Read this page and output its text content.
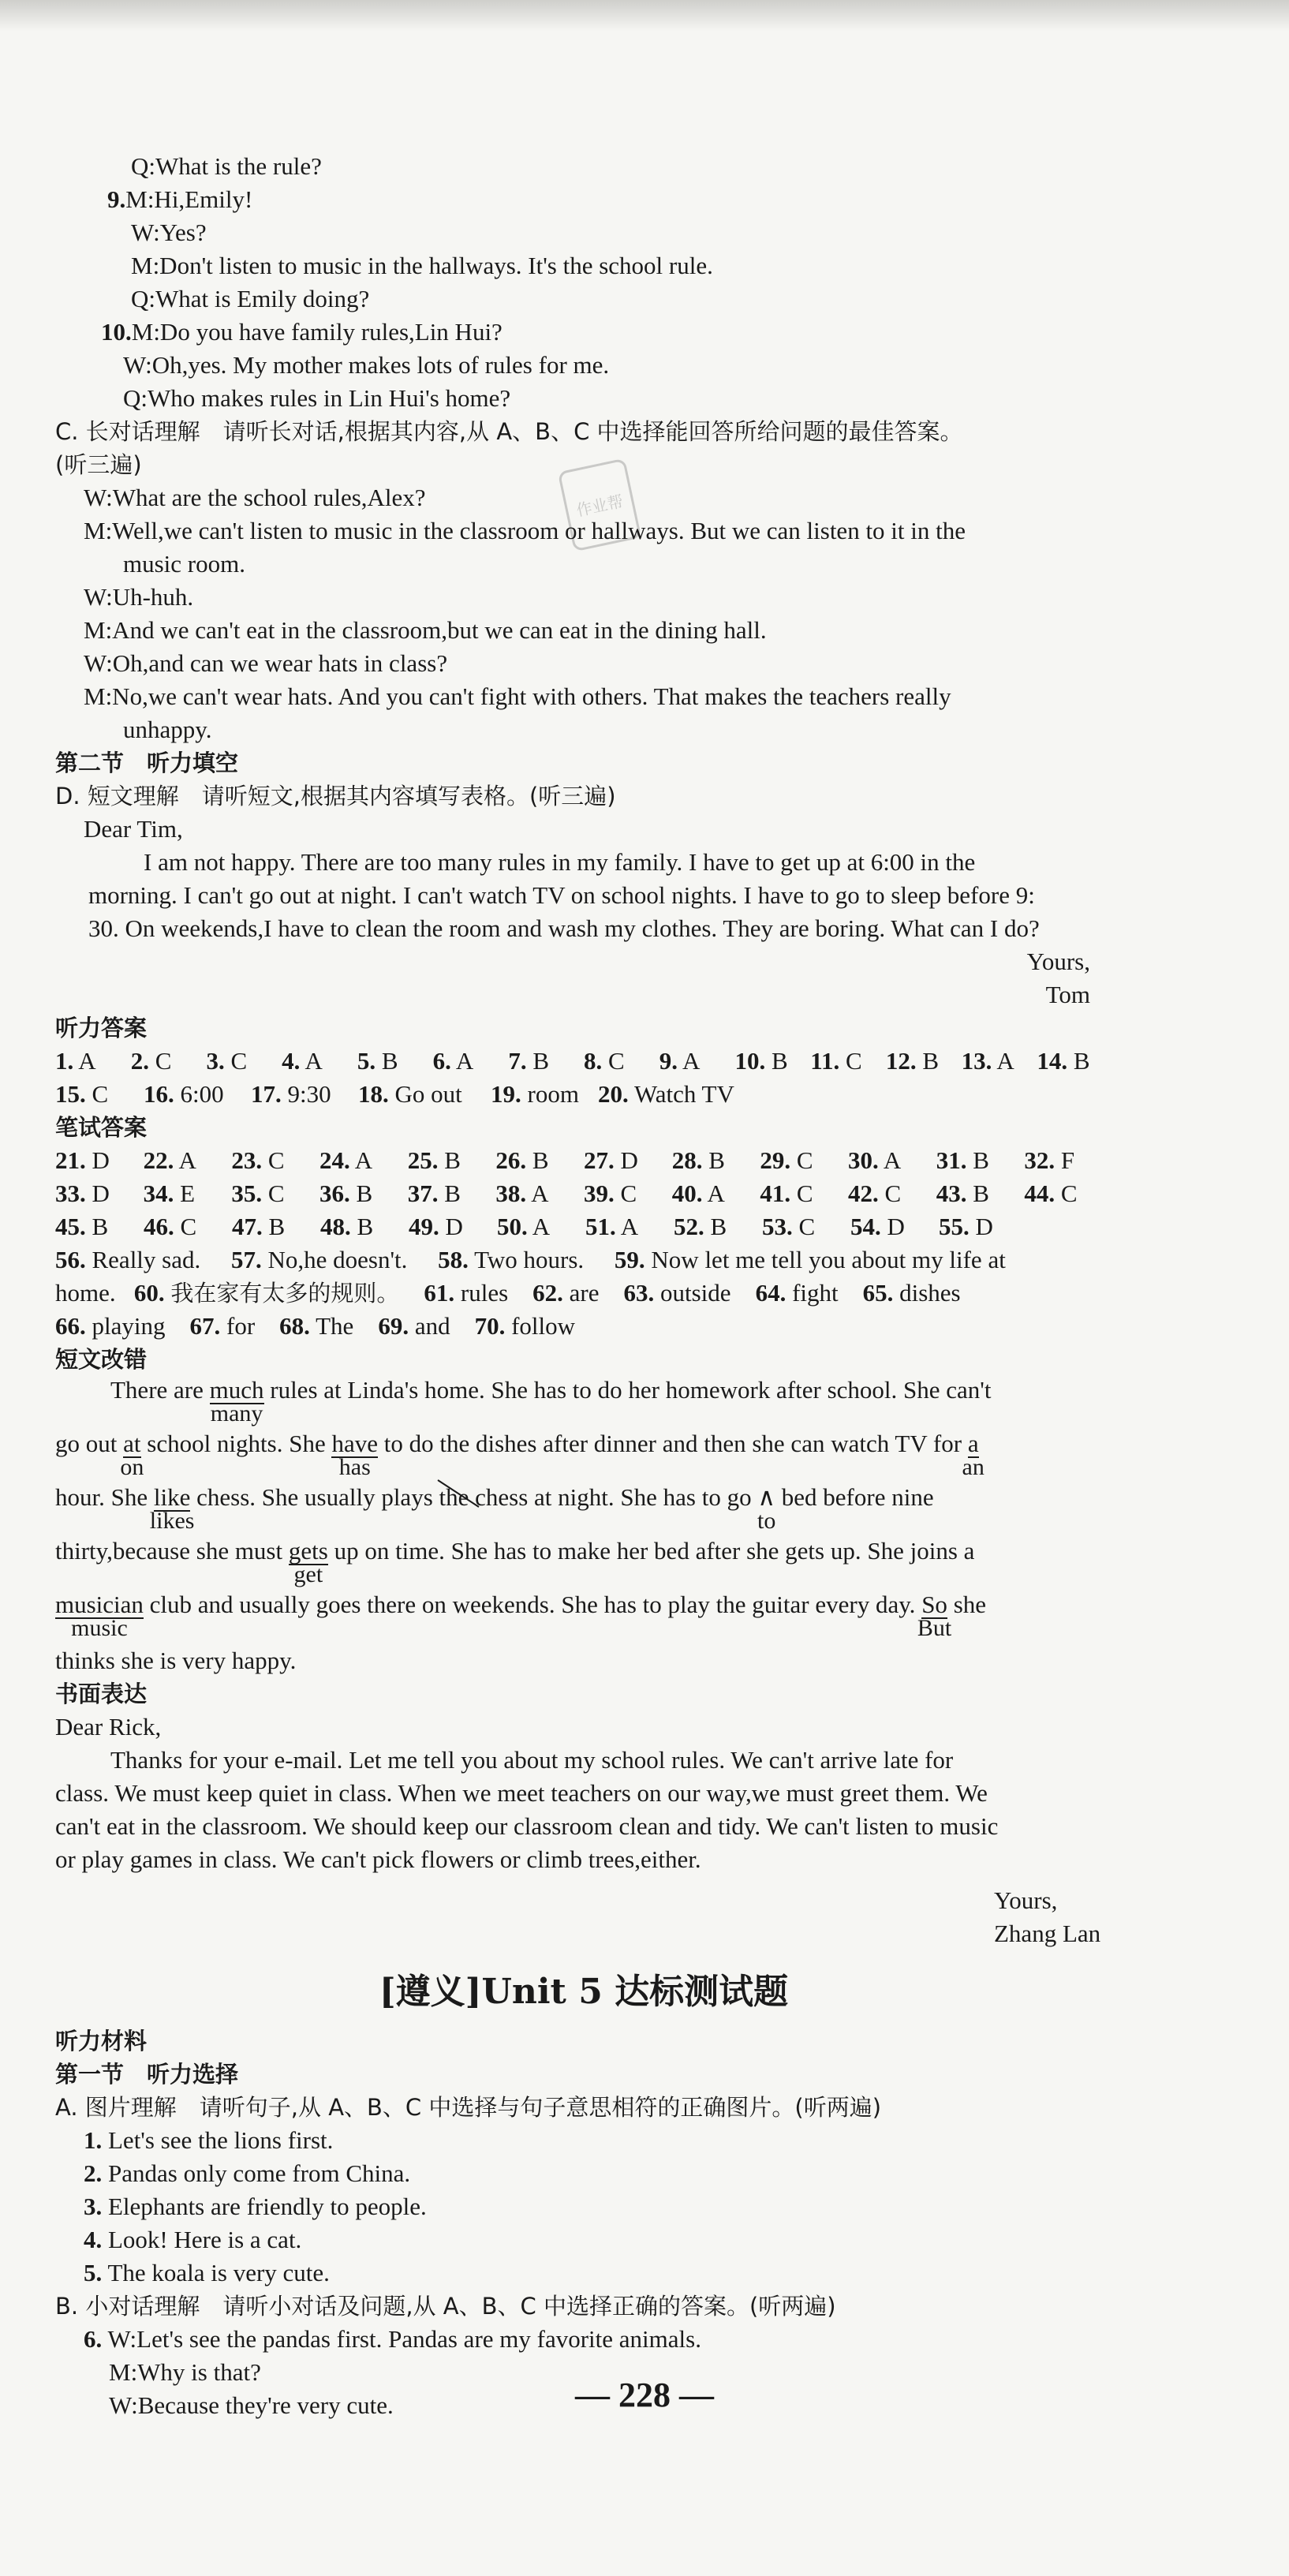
作业帮
Q:What is the rule?
9.M:Hi,Emily!
W:Yes?
M:Don't listen to music in the hallways. It's the school rule.
Q:What is Emily doing?
10.M:Do you have family rules,Lin Hui?
W:Oh,yes. My mother makes lots of rules for me.
Q:Who makes rules in Lin Hui's home?
C. 长对话理解　请听长对话,根据其内容,从 A、B、C 中选择能回答所给问题的最佳答案。
(听三遍)
W:What are the school rules,Alex?
M:Well,we can't listen to music in the classroom or hallways. But we can listen to it in the
music room.
W:Uh-huh.
M:And we can't eat in the classroom,but we can eat in the dining hall.
W:Oh,and can we wear hats in class?
M:No,we can't wear hats. And you can't fight with others. That makes the teachers really
unhappy.
第二节　听力填空
D. 短文理解　请听短文,根据其内容填写表格。(听三遍)
Dear Tim,
I am not happy. There are too many rules in my family. I have to get up at 6:00 in the
morning. I can't go out at night. I can't watch TV on school nights. I have to go to sleep before 9:
30. On weekends,I have to clean the room and wash my clothes. They are boring. What can I do?
Yours,
Tom
听力答案
1. A	2. C	3. C	4. A	5. B	6. A	7. B	8. C	9. A	10. B 11. C 12. B 13. A 14. B
15. C	16. 6:00	17. 9:30	18. Go out	19. room 20. Watch TV
笔试答案
21. D	22. A	23. C	24. A	25. B	26. B	27. D	28. B	29. C	30. A	31. B	32. F
33. D	34. E	35. C	36. B	37. B	38. A	39. C	40. A	41. C	42. C	43. B	44. C
45. B	46. C	47. B	48. B	49. D	50. A	51. A	52. B	53. C	54. D	55. D
56. Really sad. 57. No,he doesn't. 58. Two hours. 59. Now let me tell you about my life at
home. 60. 我在家有太多的规则。 61. rules 62. are 63. outside 64. fight 65. dishes
66. playing 67. for 68. The 69. and 70. follow
短文改错
There are much
many
rules at Linda's home. She has to do her homework after school. She can't
go out at
on
school nights. She have
has
to do the dishes after dinner and then she can watch TV for a
an
hour. She like
likes
chess. She usually plays the chess at night. She has to go ∧
to
bed before nine
thirty,because she must gets
get
up on time. She has to make her bed after she gets up. She joins a
musician
music
club and usually goes there on weekends. She has to play the guitar every day. So
But
she
thinks she is very happy.
书面表达
Dear Rick,
Thanks for your e-mail. Let me tell you about my school rules. We can't arrive late for
class. We must keep quiet in class. When we meet teachers on our way,we must greet them. We
can't eat in the classroom. We should keep our classroom clean and tidy. We can't listen to music
or play games in class. We can't pick flowers or climb trees,either.
Yours,
Zhang Lan
[遵义]Unit 5 达标测试题
听力材料
第一节　听力选择
A. 图片理解　请听句子,从 A、B、C 中选择与句子意思相符的正确图片。(听两遍)
1. Let's see the lions first.
2. Pandas only come from China.
3. Elephants are friendly to people.
4. Look! Here is a cat.
5. The koala is very cute.
B. 小对话理解　请听小对话及问题,从 A、B、C 中选择正确的答案。(听两遍)
6. W:Let's see the pandas first. Pandas are my favorite animals.
M:Why is that?
W:Because they're very cute.	— 228 —
